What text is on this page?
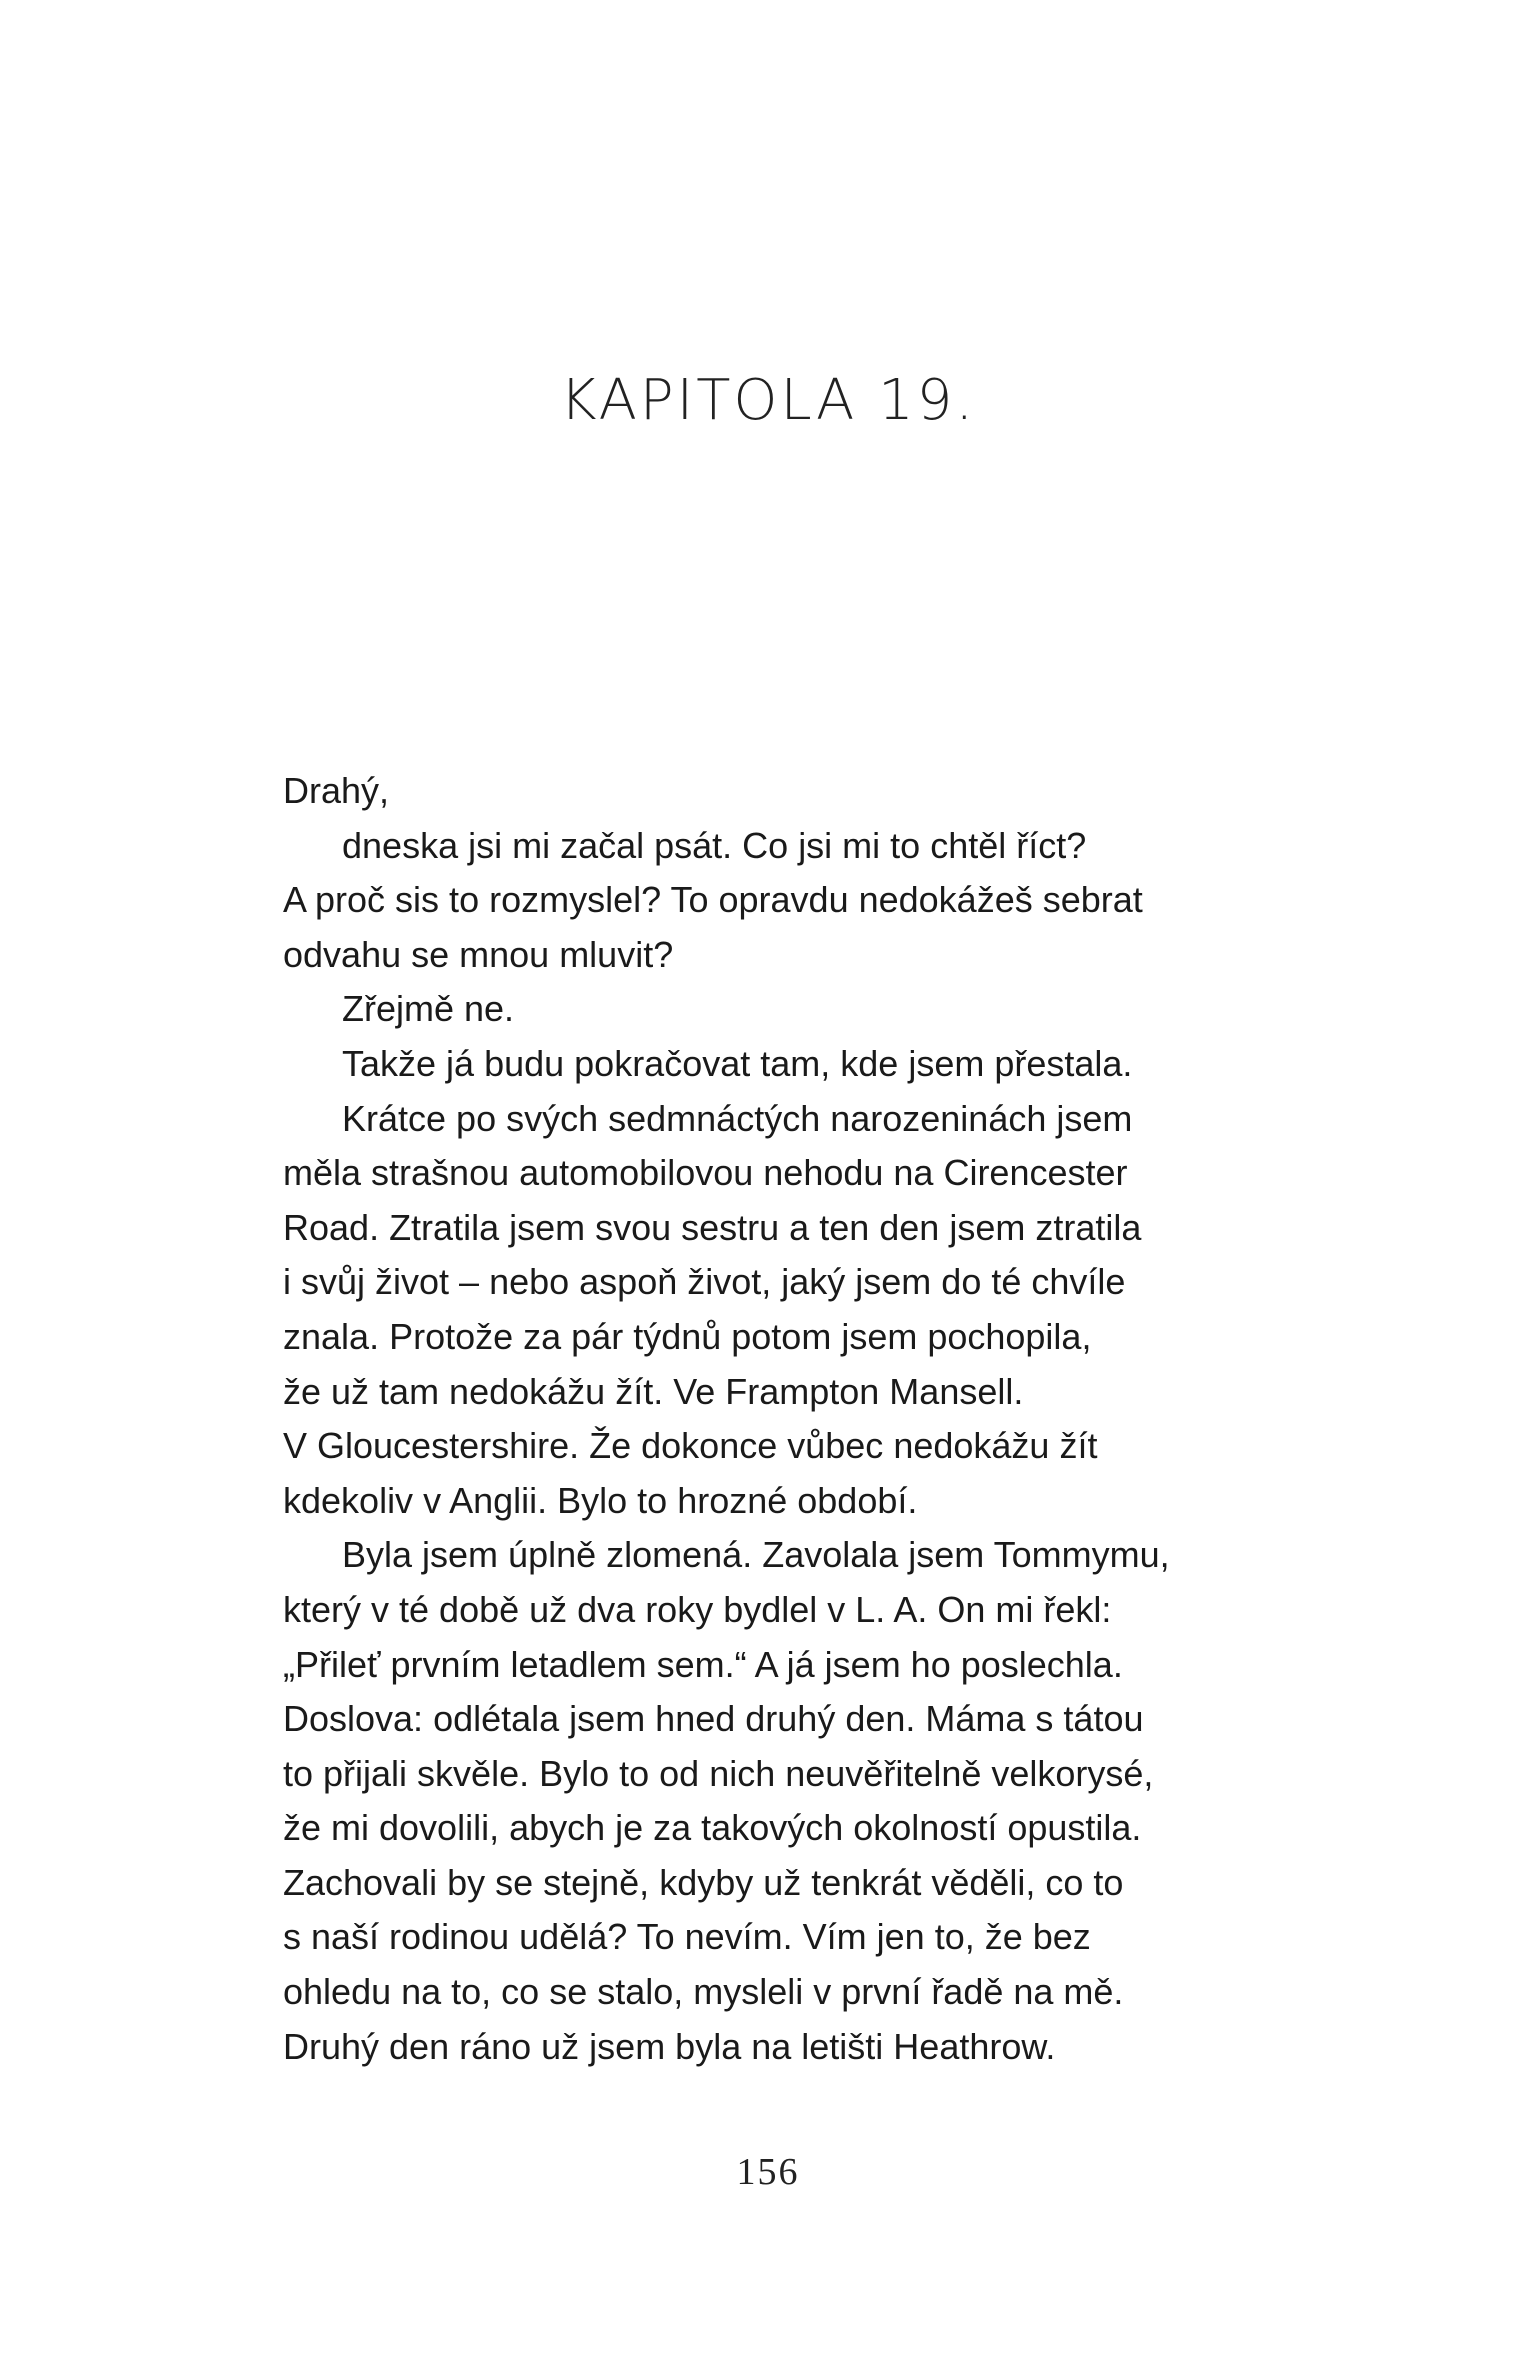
KAPITOLA 19.
Drahý,
dneska jsi mi začal psát. Co jsi mi to chtěl říct?
A proč sis to rozmyslel? To opravdu nedokážeš sebrat
odvahu se mnou mluvit?
Zřejmě ne.
Takže já budu pokračovat tam, kde jsem přestala.
Krátce po svých sedmnáctých narozeninách jsem
měla strašnou automobilovou nehodu na Cirencester
Road. Ztratila jsem svou sestru a ten den jsem ztratila
i svůj život – nebo aspoň život, jaký jsem do té chvíle
znala. Protože za pár týdnů potom jsem pochopila,
že už tam nedokážu žít. Ve Frampton Mansell.
V Gloucestershire. Že dokonce vůbec nedokážu žít
kdekoliv v Anglii. Bylo to hrozné období.
Byla jsem úplně zlomená. Zavolala jsem Tommymu,
který v té době už dva roky bydlel v L. A. On mi řekl:
„Přileť prvním letadlem sem.“ A já jsem ho poslechla.
Doslova: odlétala jsem hned druhý den. Máma s tátou
to přijali skvěle. Bylo to od nich neuvěřitelně velkorysé,
že mi dovolili, abych je za takových okolností opustila.
Zachovali by se stejně, kdyby už tenkrát věděli, co to
s naší rodinou udělá? To nevím. Vím jen to, že bez
ohledu na to, co se stalo, mysleli v první řadě na mě.
Druhý den ráno už jsem byla na letišti Heathrow.
156
